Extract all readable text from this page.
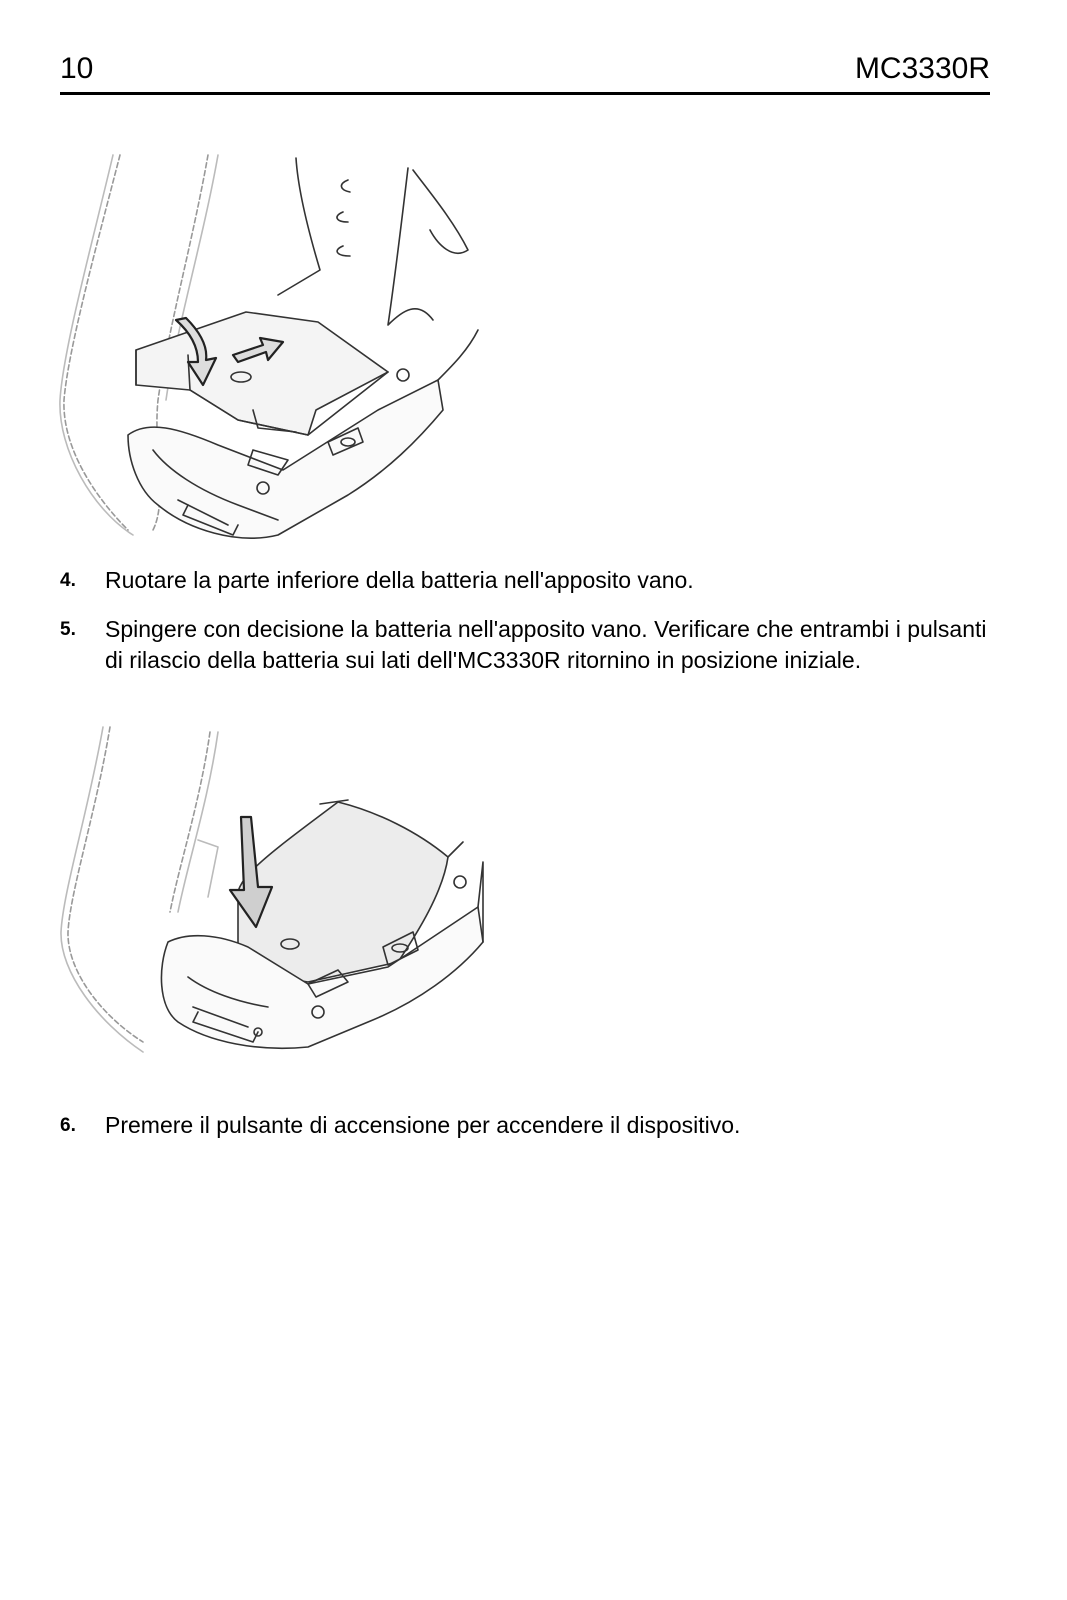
10	MC3330R
4.	Ruotare la parte inferiore della batteria nell'apposito vano.
5.	Spingere con decisione la batteria nell'apposito vano. Verificare che entrambi i pulsanti di rilascio della batteria sui lati dell'MC3330R ritornino in posizione iniziale.
6.	Premere il pulsante di accensione per accendere il dispositivo.
